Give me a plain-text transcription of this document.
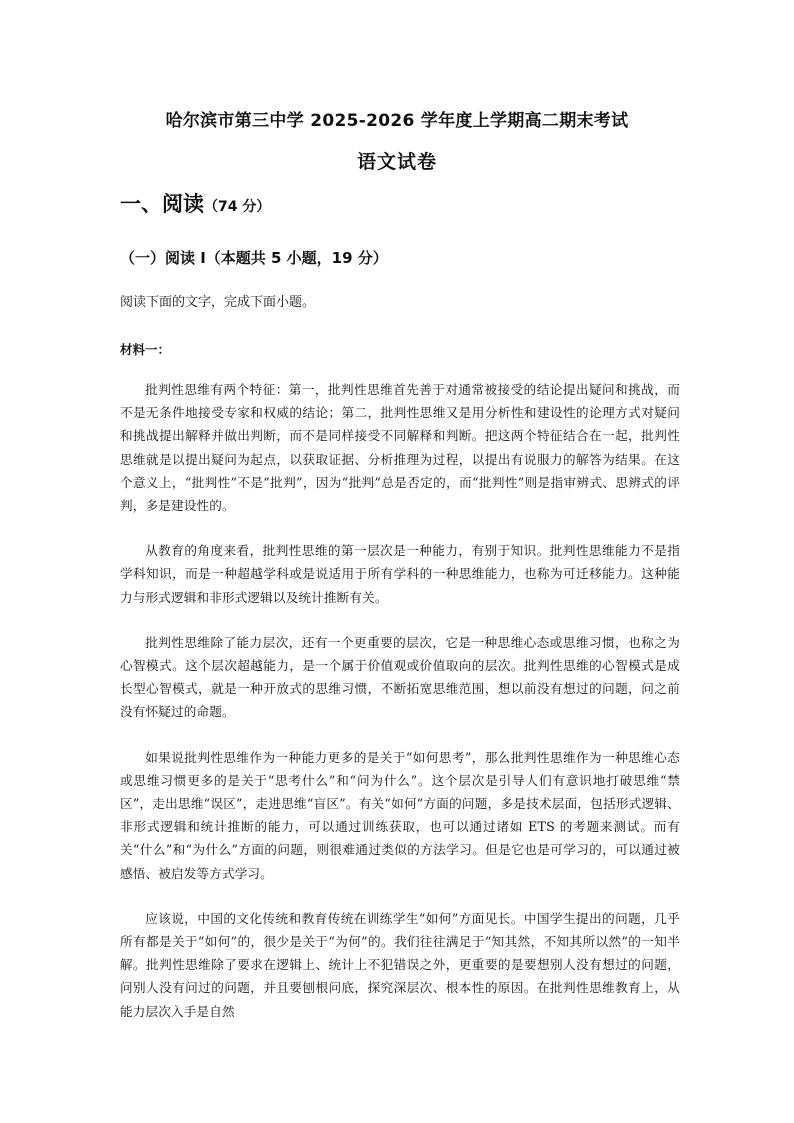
哈尔滨市第三中学 2025-2026 学年度上学期高二期末考试
语文试卷
一、阅读（74 分）
（一）阅读 I（本题共 5 小题，19 分）

阅读下面的文字，完成下面小题。

材料一：

批判性思维有两个特征：第一，批判性思维首先善于对通常被接受的结论提出疑问和挑战，而不是无条件地接受专家和权威的结论；第二，批判性思维又是用分析性和建设性的论理方式对疑问和挑战提出解释并做出判断，而不是同样接受不同解释和判断。把这两个特征结合在一起，批判性思维就是以提出疑问为起点，以获取证据、分析推理为过程，以提出有说服力的解答为结果。在这个意义上，“批判性”不是“批判”，因为“批判”总是否定的，而“批判性”则是指审辨式、思辨式的评判，多是建设性的。

从教育的角度来看，批判性思维的第一层次是一种能力，有别于知识。批判性思维能力不是指学科知识，而是一种超越学科或是说适用于所有学科的一种思维能力，也称为可迁移能力。这种能力与形式逻辑和非形式逻辑以及统计推断有关。

批判性思维除了能力层次，还有一个更重要的层次，它是一种思维心态或思维习惯，也称之为心智模式。这个层次超越能力，是一个属于价值观或价值取向的层次。批判性思维的心智模式是成长型心智模式，就是一种开放式的思维习惯，不断拓宽思维范围，想以前没有想过的问题，问之前没有怀疑过的命题。

如果说批判性思维作为一种能力更多的是关于“如何思考”，那么批判性思维作为一种思维心态或思维习惯更多的是关于“思考什么”和“问为什么”。这个层次是引导人们有意识地打破思维“禁区”，走出思维“误区”，走进思维“盲区”。有关“如何”方面的问题，多是技术层面，包括形式逻辑、非形式逻辑和统计推断的能力，可以通过训练获取，也可以通过诸如 ETS 的考题来测试。而有关“什么”和“为什么”方面的问题，则很难通过类似的方法学习。但是它也是可学习的，可以通过被感悟、被启发等方式学习。

应该说，中国的文化传统和教育传统在训练学生“如何”方面见长。中国学生提出的问题，几乎所有都是关于“如何”的，很少是关于“为何”的。我们往往满足于“知其然，不知其所以然”的一知半解。批判性思维除了要求在逻辑上、统计上不犯错误之外，更重要的是要想别人没有想过的问题，问别人没有问过的问题，并且要刨根问底，探究深层次、根本性的原因。在批判性思维教育上，从能力层次入手是自然
